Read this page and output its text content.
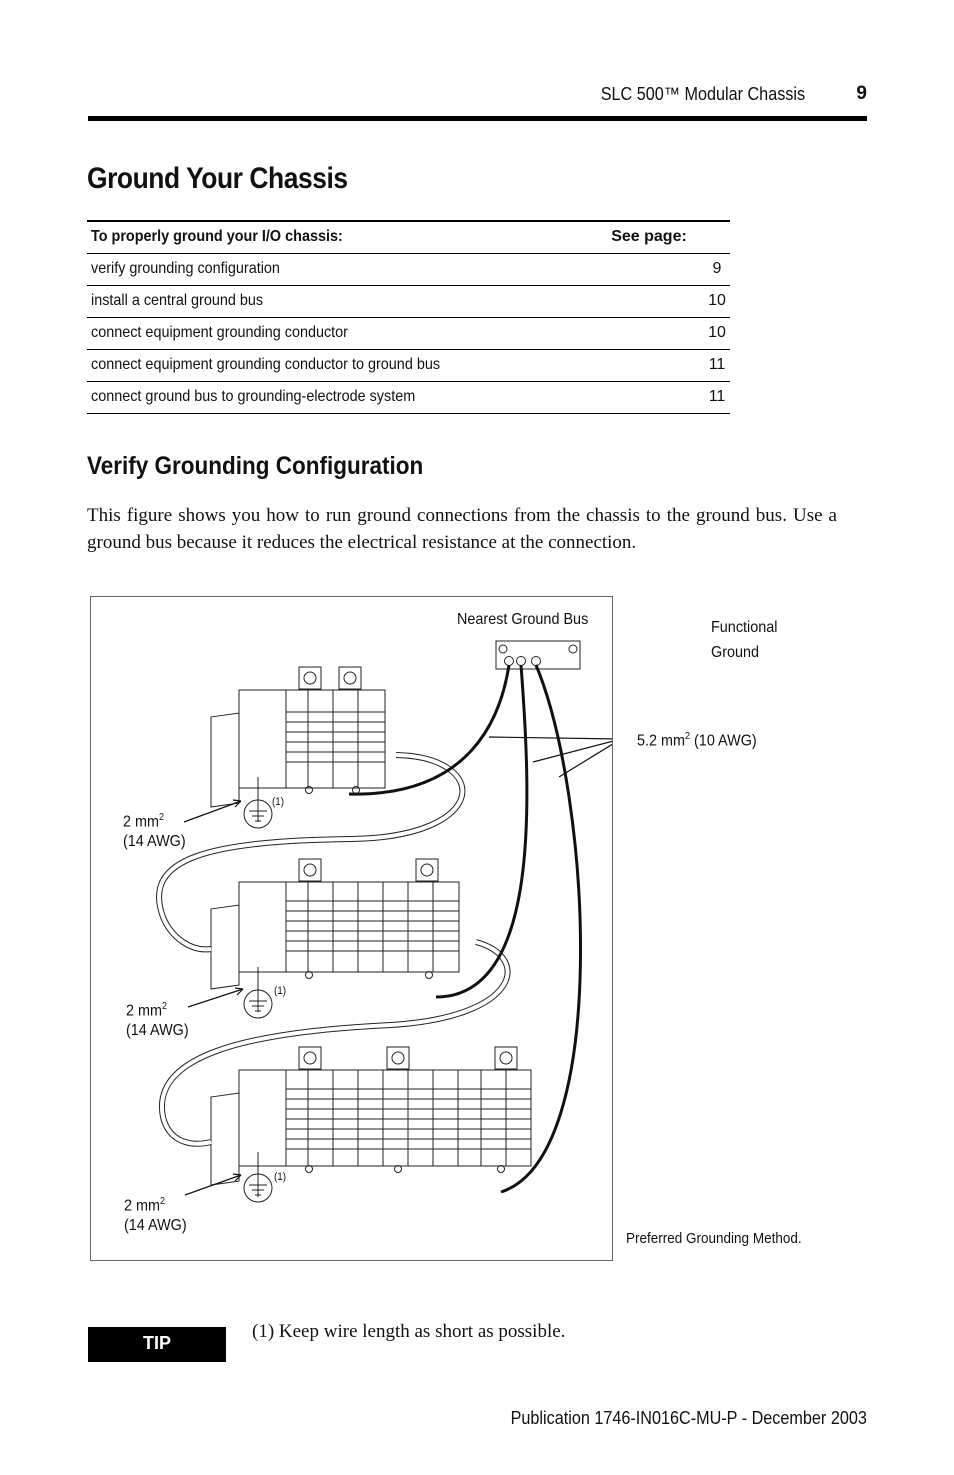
SLC 500™ Modular Chassis	9
Ground Your Chassis
To properly ground your I/O chassis:	See page:
verify grounding configuration	9
install a central ground bus	10
connect equipment grounding conductor	10
connect equipment grounding conductor to ground bus	11
connect ground bus to grounding-electrode system	11
Verify Grounding Configuration

This figure shows you how to run ground connections from the chassis to the ground bus. Use a ground bus because it reduces the electrical resistance at the connection.

Nearest Ground Bus
(1)
(1)
(1)
2 $mm^2$
(14 AWG)
2 $mm^2$
(14 AWG)
2 $mm^2$
(14 AWG)
Functional
Ground
5.2 $mm^2$ (10 AWG)
Preferred Grounding Method.
TIP
(1) Keep wire length as short as possible.
Publication 1746-IN016C-MU-P - December 2003
